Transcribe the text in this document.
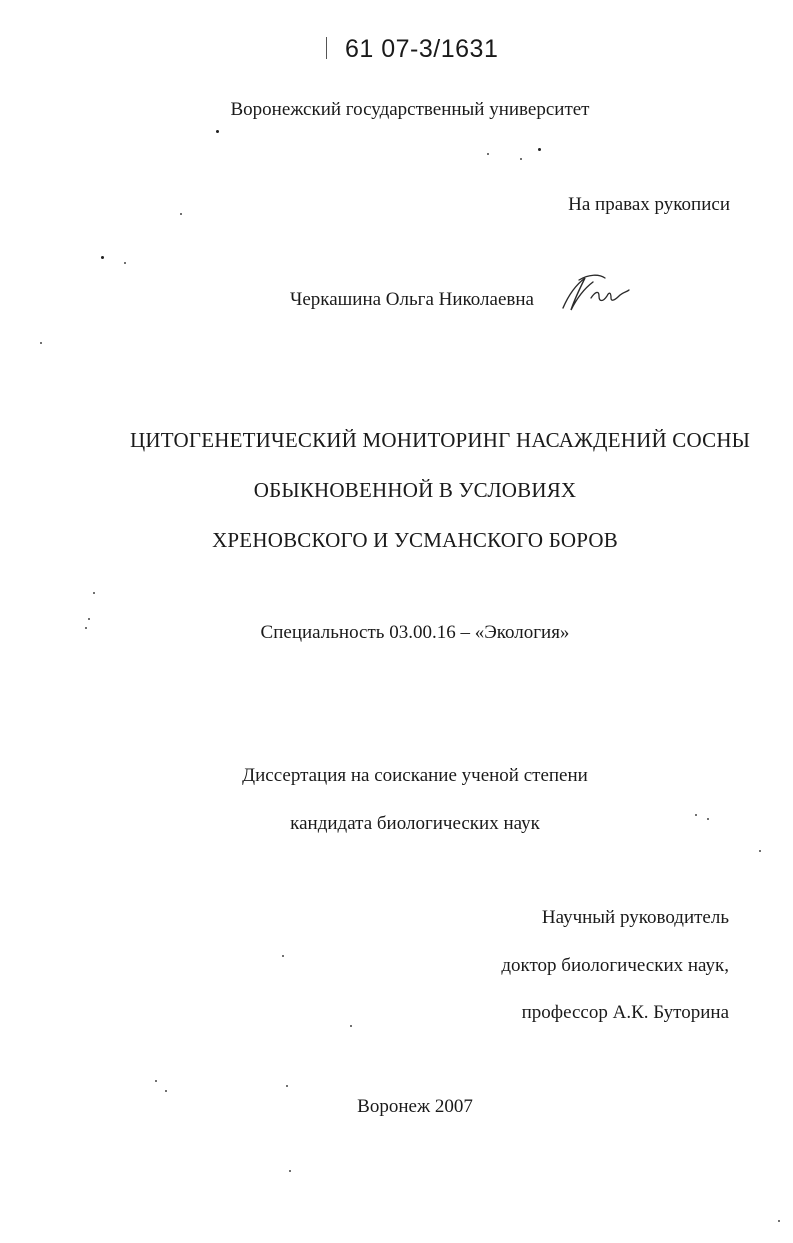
61 07-3/1631
Воронежский государственный университет
На правах рукописи
Черкашина Ольга Николаевна
ЦИТОГЕНЕТИЧЕСКИЙ МОНИТОРИНГ НАСАЖДЕНИЙ СОСНЫ
ОБЫКНОВЕННОЙ В УСЛОВИЯХ
ХРЕНОВСКОГО И УСМАНСКОГО БОРОВ
Специальность 03.00.16 – «Экология»
Диссертация на соискание ученой степени
кандидата биологических наук
Научный руководитель
доктор биологических наук,
профессор А.К. Буторина
Воронеж 2007
